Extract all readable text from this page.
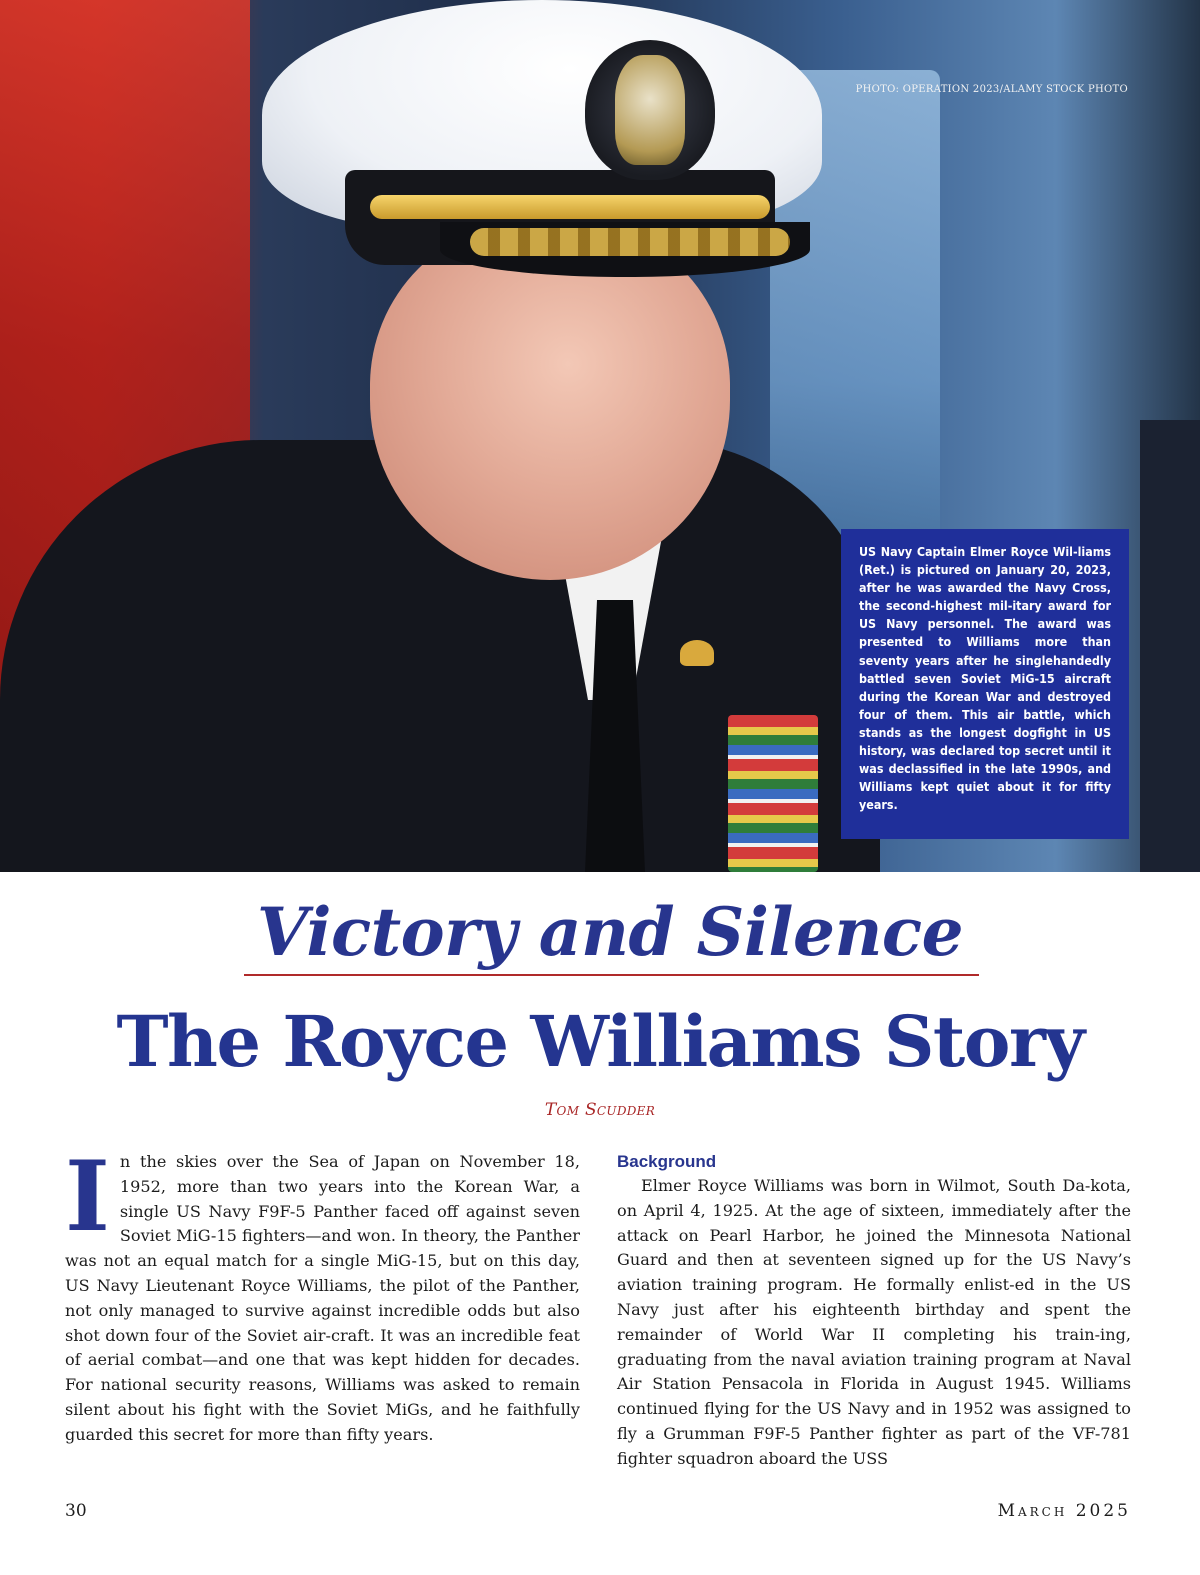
PHOTO: OPERATION 2023/ALAMY STOCK PHOTO

US Navy Captain Elmer Royce Wil-liams (Ret.) is pictured on January 20, 2023, after he was awarded the Navy Cross, the second-highest mil-itary award for US Navy personnel. The award was presented to Williams more than seventy years after he singlehandedly battled seven Soviet MiG-15 aircraft during the Korean War and destroyed four of them. This air battle, which stands as the longest dogfight in US history, was declared top secret until it was declassified in the late 1990s, and Williams kept quiet about it for fifty years.

Victory and Silence
The Royce Williams Story
Tom Scudder
I n the skies over the Sea of Japan on November 18, 1952, more than two years into the Korean War, a single US Navy F9F-5 Panther faced off against seven Soviet MiG-15 fighters—and won. In theory, the Panther was not an equal match for a single MiG-15, but on this day, US Navy Lieutenant Royce Williams, the pilot of the Panther, not only managed to survive against incredible odds but also shot down four of the Soviet air-craft. It was an incredible feat of aerial combat—and one that was kept hidden for decades. For national security reasons, Williams was asked to remain silent about his fight with the Soviet MiGs, and he faithfully guarded this secret for more than fifty years.

Background

Elmer Royce Williams was born in Wilmot, South Da-kota, on April 4, 1925. At the age of sixteen, immediately after the attack on Pearl Harbor, he joined the Minnesota National Guard and then at seventeen signed up for the US Navy’s aviation training program. He formally enlist-ed in the US Navy just after his eighteenth birthday and spent the remainder of World War II completing his train-ing, graduating from the naval aviation training program at Naval Air Station Pensacola in Florida in August 1945. Williams continued flying for the US Navy and in 1952 was assigned to fly a Grumman F9F-5 Panther fighter as part of the VF-781 fighter squadron aboard the USS

30	March 2025
